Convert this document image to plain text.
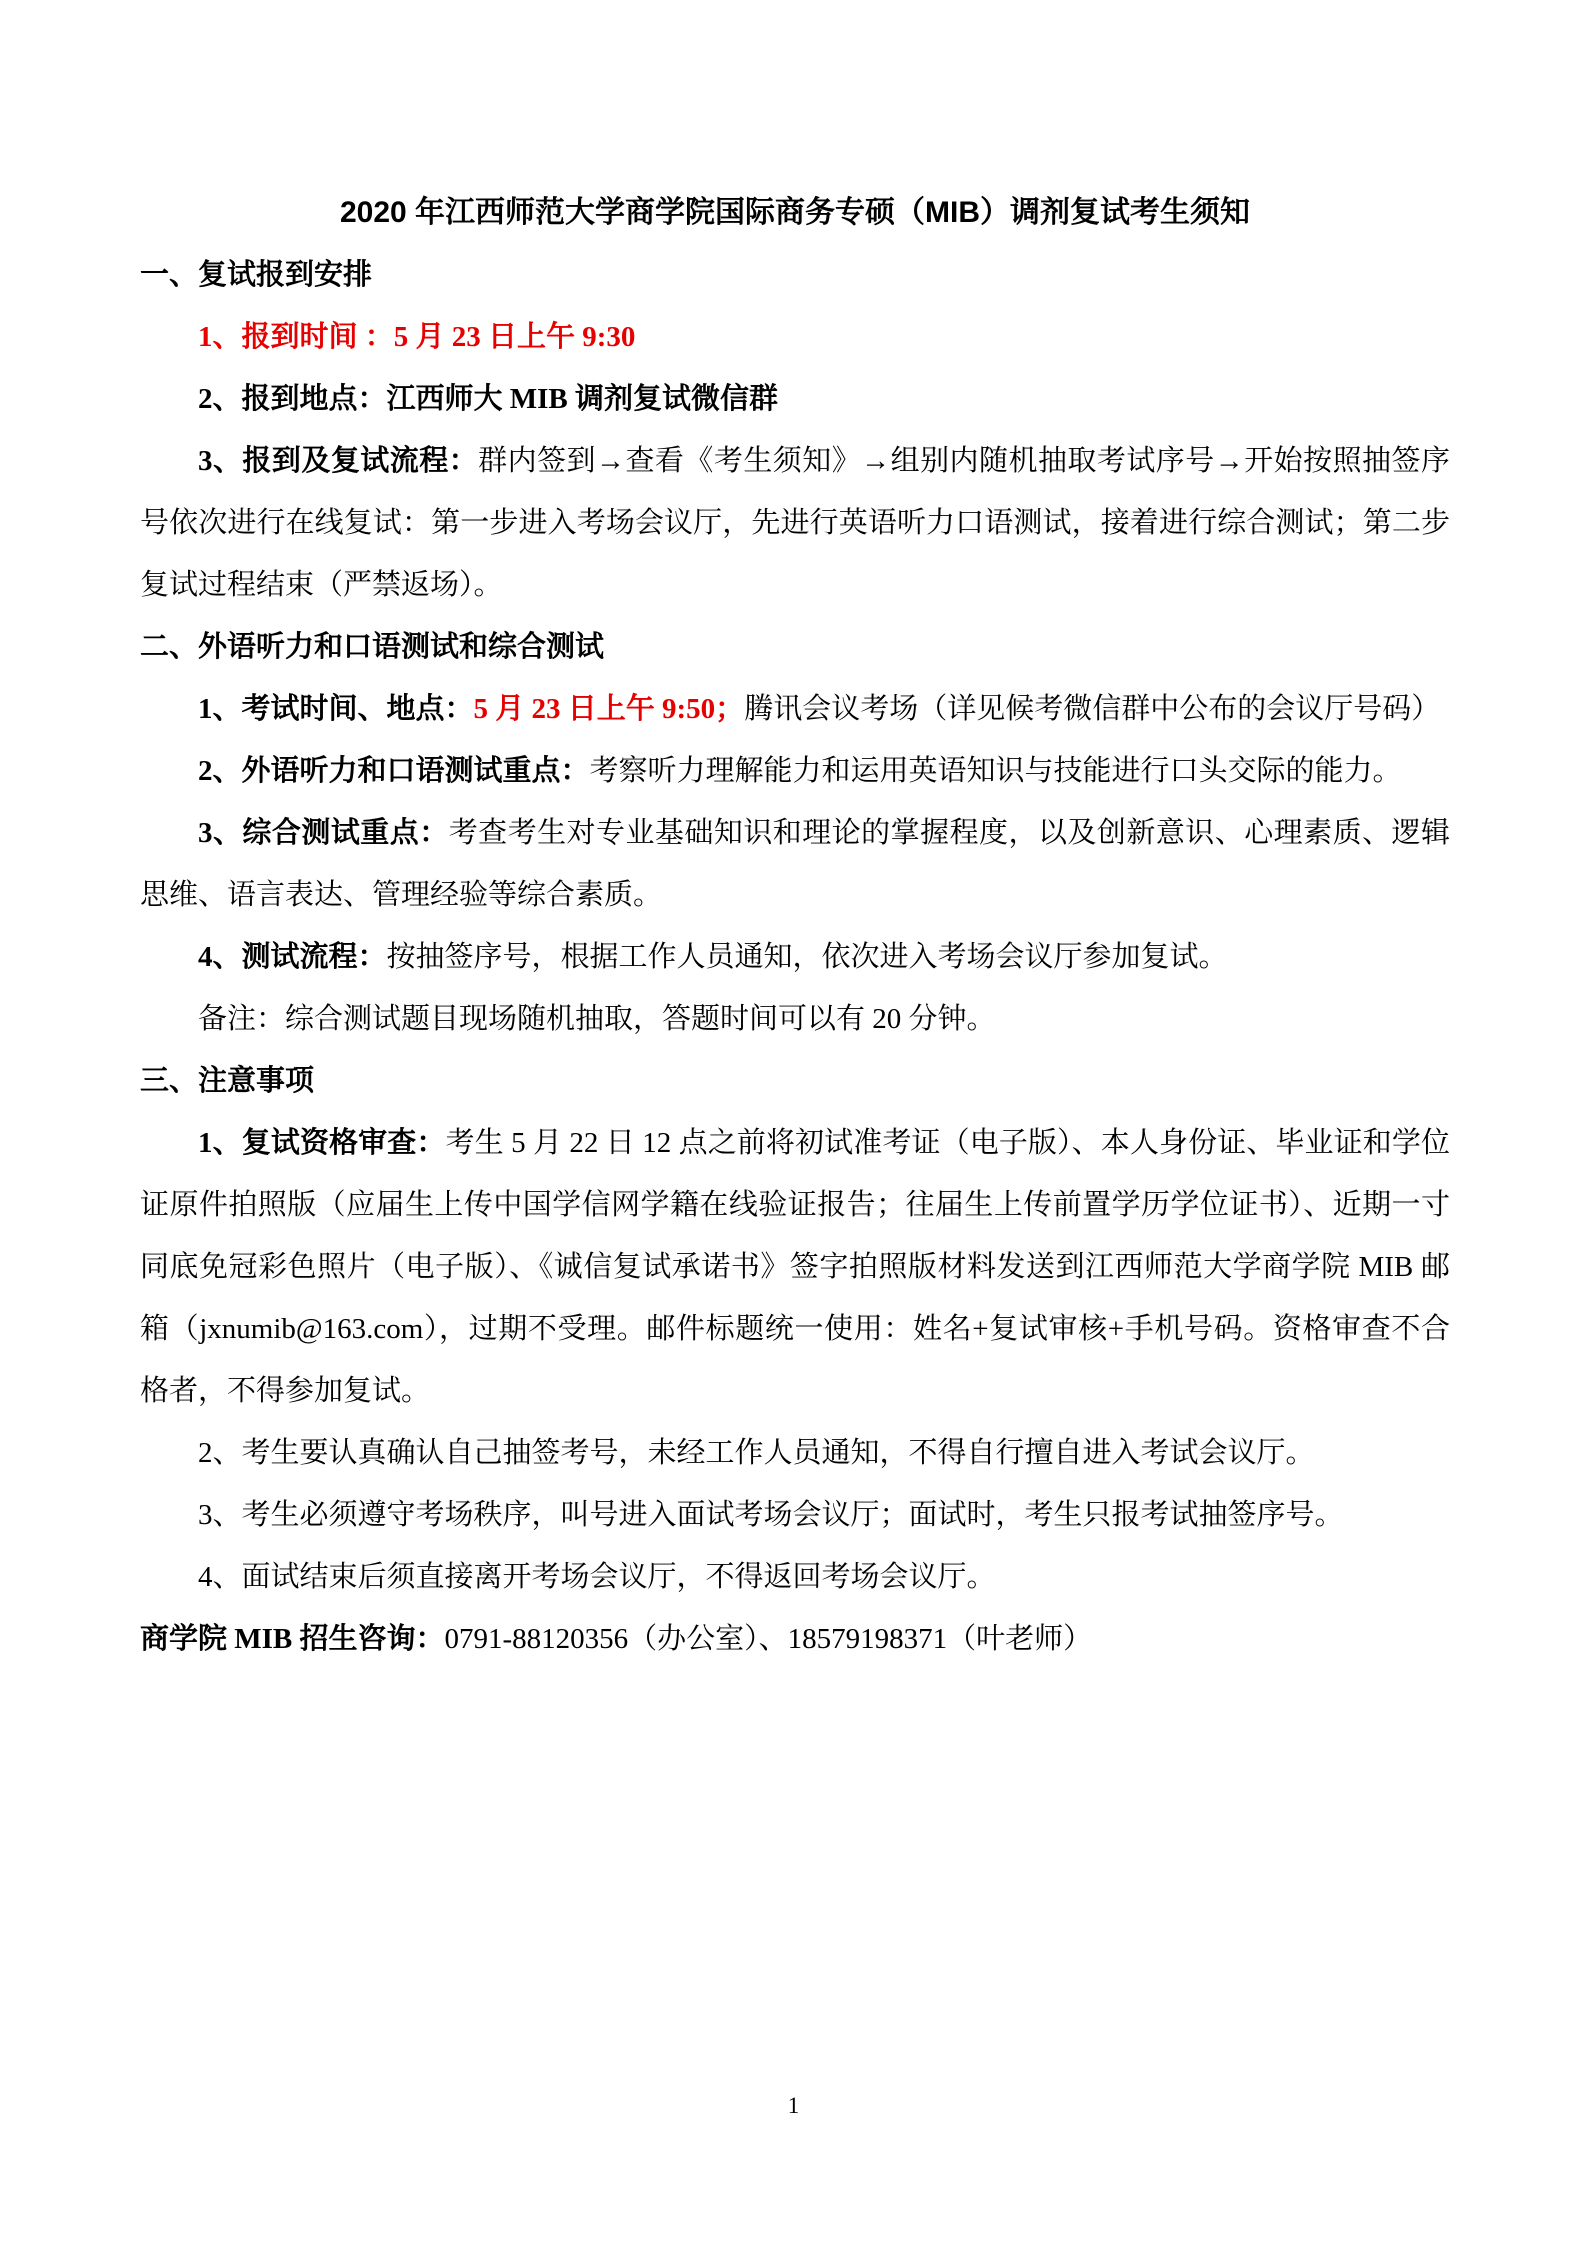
2020 年江西师范大学商学院国际商务专硕（MIB）调剂复试考生须知

一、复试报到安排

1、报到时间 ：5 月 23 日上午 9:30

2、报到地点：江西师大 MIB 调剂复试微信群

3、报到及复试流程：群内签到→查看《考生须知》→组别内随机抽取考试序号→开始按照抽签序号依次进行在线复试：第一步进入考场会议厅，先进行英语听力口语测试，接着进行综合测试；第二步复试过程结束（严禁返场）。

二、外语听力和口语测试和综合测试

1、考试时间、地点：5 月 23 日上午 9:50；腾讯会议考场（详见候考微信群中公布的会议厅号码）

2、外语听力和口语测试重点：考察听力理解能力和运用英语知识与技能进行口头交际的能力。

3、综合测试重点：考查考生对专业基础知识和理论的掌握程度，以及创新意识、心理素质、逻辑思维、语言表达、管理经验等综合素质。

4、测试流程：按抽签序号，根据工作人员通知，依次进入考场会议厅参加复试。

备注：综合测试题目现场随机抽取，答题时间可以有 20 分钟。

三、注意事项

1、复试资格审查：考生 5 月 22 日 12 点之前将初试准考证（电子版）、本人身份证、毕业证和学位证原件拍照版（应届生上传中国学信网学籍在线验证报告；往届生上传前置学历学位证书）、近期一寸同底免冠彩色照片（电子版）、《诚信复试承诺书》签字拍照版材料发送到江西师范大学商学院 MIB 邮箱（jxnumib@163.com），过期不受理。邮件标题统一使用：姓名+复试审核+手机号码。资格审查不合格者，不得参加复试。

2、考生要认真确认自己抽签考号，未经工作人员通知，不得自行擅自进入考试会议厅。

3、考生必须遵守考场秩序，叫号进入面试考场会议厅；面试时，考生只报考试抽签序号。

4、面试结束后须直接离开考场会议厅，不得返回考场会议厅。

商学院 MIB 招生咨询：0791-88120356（办公室）、18579198371（叶老师）

1
